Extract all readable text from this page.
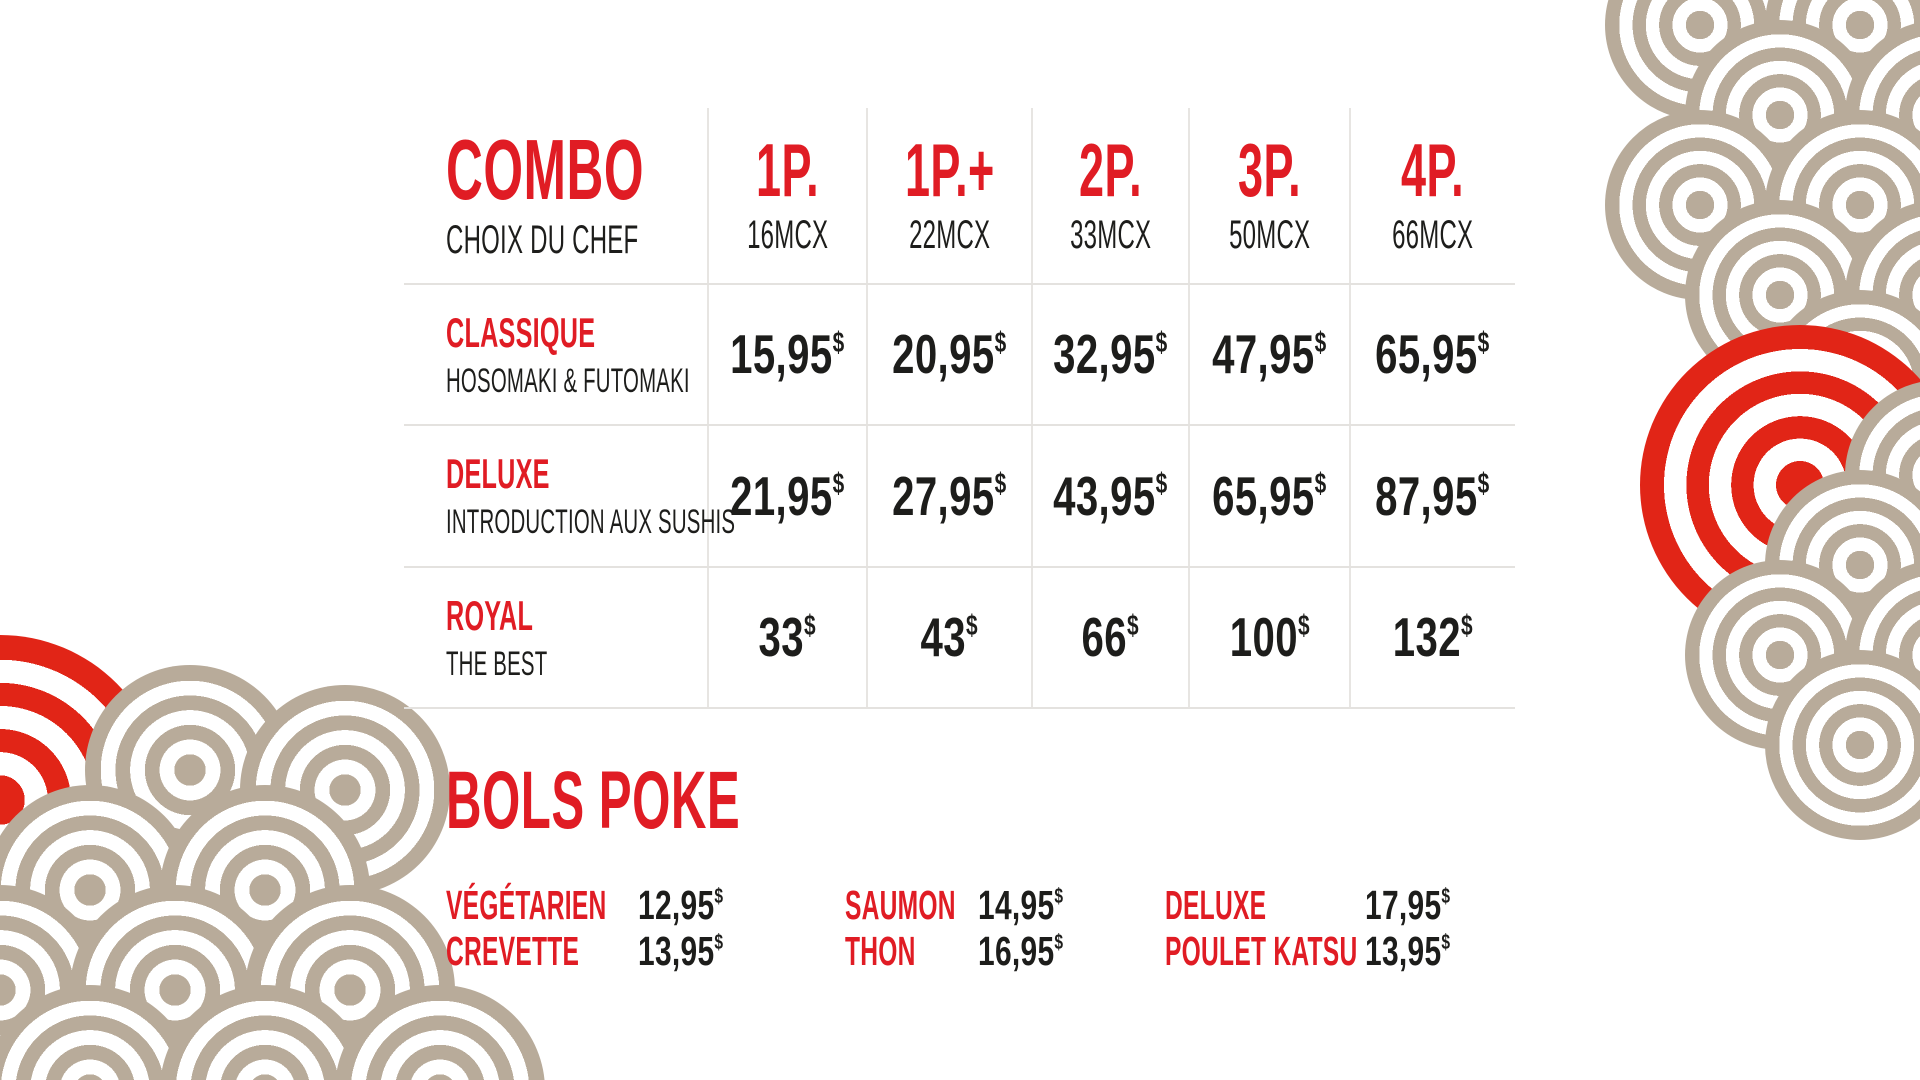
COMBO
CHOIX DU CHEF
1P.
16MCX
1P.+
22MCX
2P.
33MCX
3P.
50MCX
4P.
66MCX
CLASSIQUE
HOSOMAKI & FUTOMAKI 15,95$ 20,95$ 32,95$ 47,95$ 65,95$
DELUXE
INTRODUCTION AUX SUSHIS
21,95$ 27,95$ 43,95$ 65,95$ 87,95$
ROYAL
THE BEST	33$ 43$ 66$ 100$ 132$
BOLS POKE
VÉGÉTARIEN 12,95$
CREVETTE 13,95$
SAUMON 14,95$
THON 16,95$
DELUXE 17,95$
POULET KATSU 13,95$
